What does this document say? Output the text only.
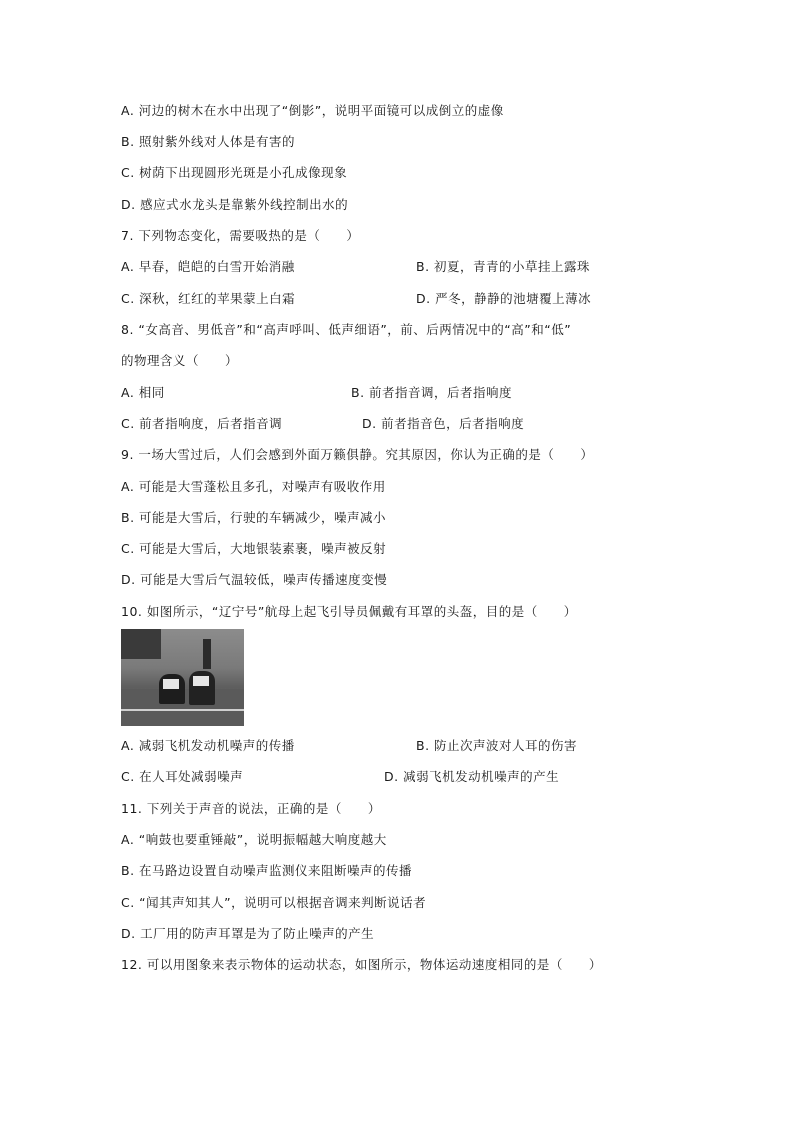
A. 河边的树木在水中出现了“倒影”，说明平面镜可以成倒立的虚像
B. 照射紫外线对人体是有害的
C. 树荫下出现圆形光斑是小孔成像现象
D. 感应式水龙头是靠紫外线控制出水的
7. 下列物态变化，需要吸热的是（　　）
A. 早春，皑皑的白雪开始消融	B. 初夏，青青的小草挂上露珠
C. 深秋，红红的苹果蒙上白霜	D. 严冬，静静的池塘覆上薄冰
8. “女高音、男低音”和“高声呼叫、低声细语”，前、后两情况中的“高”和“低”
的物理含义（　　）
A. 相同	B. 前者指音调，后者指响度
C. 前者指响度，后者指音调	D. 前者指音色，后者指响度
9. 一场大雪过后，人们会感到外面万籁俱静。究其原因，你认为正确的是（　　）
A. 可能是大雪蓬松且多孔，对噪声有吸收作用
B. 可能是大雪后，行驶的车辆减少，噪声减小
C. 可能是大雪后，大地银装素裹，噪声被反射
D. 可能是大雪后气温较低，噪声传播速度变慢
10. 如图所示，“辽宁号”航母上起飞引导员佩戴有耳罩的头盔，目的是（　　）
A. 减弱飞机发动机噪声的传播	B. 防止次声波对人耳的伤害
C. 在人耳处减弱噪声	D. 减弱飞机发动机噪声的产生
11. 下列关于声音的说法，正确的是（　　）
A. “响鼓也要重锤敲”，说明振幅越大响度越大
B. 在马路边设置自动噪声监测仪来阻断噪声的传播
C. “闻其声知其人”，说明可以根据音调来判断说话者
D. 工厂用的防声耳罩是为了防止噪声的产生
12. 可以用图象来表示物体的运动状态，如图所示，物体运动速度相同的是（　　）
